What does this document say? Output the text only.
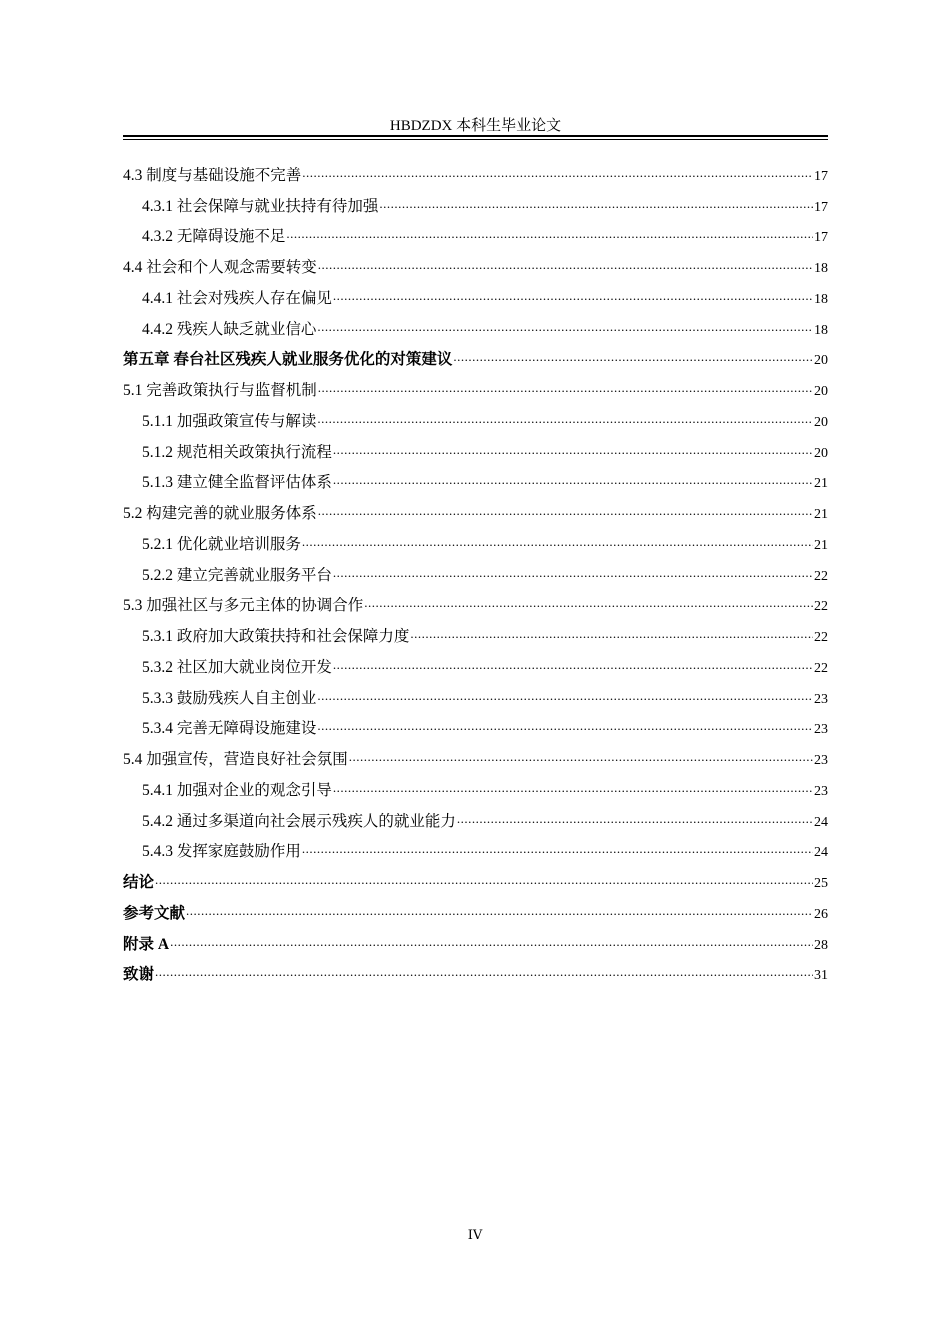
HBDZDX 本科生毕业论文
4.3 制度与基础设施不完善 .....	17
4.3.1 社会保障与就业扶持有待加强 .....	17
4.3.2 无障碍设施不足 .....	17
4.4 社会和个人观念需要转变 .....	18
4.4.1 社会对残疾人存在偏见 .....	18
4.4.2 残疾人缺乏就业信心 .....	18
第五章 春台社区残疾人就业服务优化的对策建议 .....	20
5.1 完善政策执行与监督机制 .....	20
5.1.1 加强政策宣传与解读 .....	20
5.1.2 规范相关政策执行流程 .....	20
5.1.3 建立健全监督评估体系 .....	21
5.2 构建完善的就业服务体系 .....	21
5.2.1 优化就业培训服务 .....	21
5.2.2 建立完善就业服务平台 .....	22
5.3 加强社区与多元主体的协调合作 .....	22
5.3.1 政府加大政策扶持和社会保障力度 .....	22
5.3.2 社区加大就业岗位开发 .....	22
5.3.3 鼓励残疾人自主创业 .....	23
5.3.4 完善无障碍设施建设 .....	23
5.4 加强宣传，营造良好社会氛围 .....	23
5.4.1 加强对企业的观念引导 .....	23
5.4.2 通过多渠道向社会展示残疾人的就业能力 .....	24
5.4.3 发挥家庭鼓励作用 .....	24
结论 .....	25
参考文献 .....	26
附录 A .....	28
致谢 .....	31
IV
